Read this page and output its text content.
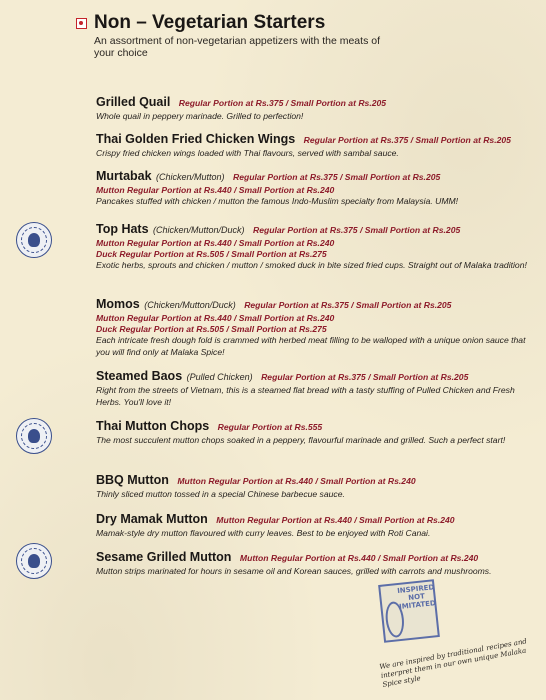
Non – Vegetarian Starters
An assortment of non-vegetarian appetizers with the meats of your choice
Grilled Quail Regular Portion at Rs.375 / Small Portion at Rs.205
Whole quail in peppery marinade. Grilled to perfection!
Thai Golden Fried Chicken Wings Regular Portion at Rs.375 / Small Portion at Rs.205
Crispy fried chicken wings loaded with Thai flavours, served with sambal sauce.
Murtabak (Chicken/Mutton) Regular Portion at Rs.375 / Small Portion at Rs.205
Mutton Regular Portion at Rs.440 / Small Portion at Rs.240
Pancakes stuffed with chicken / mutton the famous Indo-Muslim specialty from Malaysia. UMM!
Top Hats (Chicken/Mutton/Duck) Regular Portion at Rs.375 / Small Portion at Rs.205
Mutton Regular Portion at Rs.440 / Small Portion at Rs.240
Duck Regular Portion at Rs.505 / Small Portion at Rs.275
Exotic herbs, sprouts and chicken / mutton / smoked duck in bite sized fried cups. Straight out of Malaka tradition!
Momos (Chicken/Mutton/Duck) Regular Portion at Rs.375 / Small Portion at Rs.205
Mutton Regular Portion at Rs.440 / Small Portion at Rs.240
Duck Regular Portion at Rs.505 / Small Portion at Rs.275
Each intricate fresh dough fold is crammed with herbed meat filling to be walloped with a unique onion sauce that you will find only at Malaka Spice!
Steamed Baos (Pulled Chicken) Regular Portion at Rs.375 / Small Portion at Rs.205
Right from the streets of Vietnam, this is a steamed flat bread with a tasty stuffing of Pulled Chicken and Fresh Herbs. You'll love it!
Thai Mutton Chops Regular Portion at Rs.555
The most succulent mutton chops soaked in a peppery, flavourful marinade and grilled. Such a perfect start!
BBQ Mutton Mutton Regular Portion at Rs.440 / Small Portion at Rs.240
Thinly sliced mutton tossed in a special Chinese barbecue sauce.
Dry Mamak Mutton Mutton Regular Portion at Rs.440 / Small Portion at Rs.240
Mamak-style dry mutton flavoured with curry leaves. Best to be enjoyed with Roti Canai.
Sesame Grilled Mutton Mutton Regular Portion at Rs.440 / Small Portion at Rs.240
Mutton strips marinated for hours in sesame oil and Korean sauces, grilled with carrots and mushrooms.
INSPIRED NOT IMITATED
We are inspired by traditional recipes and interpret them in our own unique Malaka Spice style
